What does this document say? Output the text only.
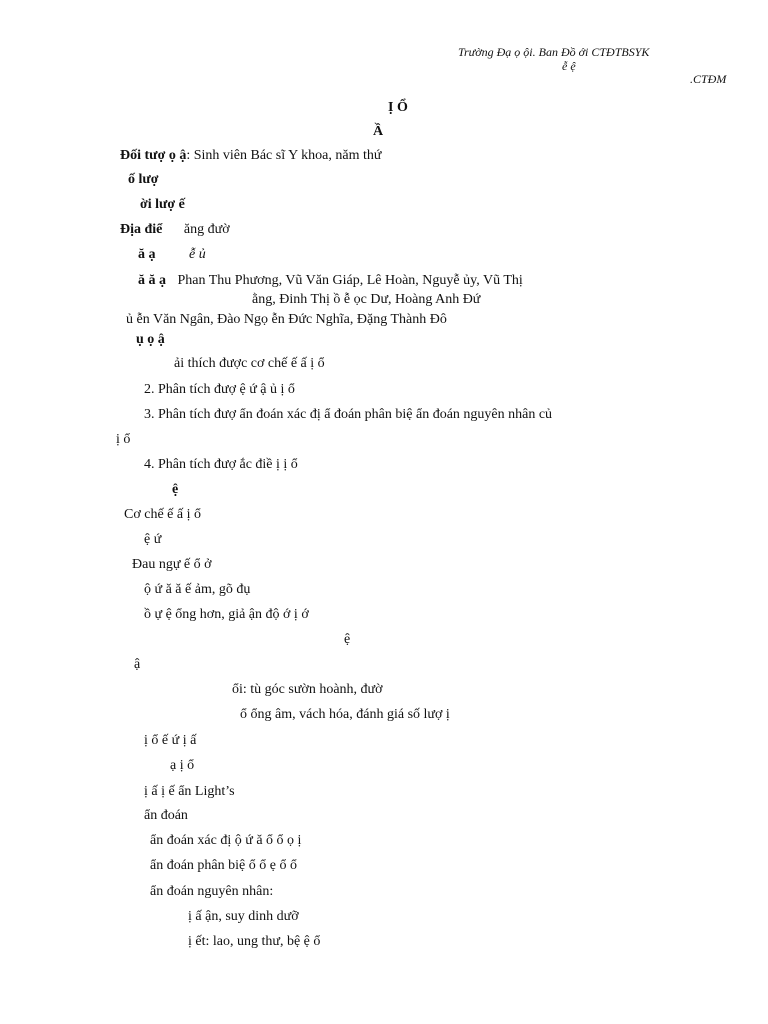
Trường Đạ ọ ội. Ban Đồ ới CTĐTBSYK
ễ ệ
.CTĐM
Ị Ổ
Ầ
Đối tượ ọ ậ: Sinh viên Bác sĩ Y khoa, năm thứ
ố lượ
ời lượ ế
Địa điể ăng đườ
ă ạ ễ ủ
ă ă ạ Phan Thu Phương, Vũ Văn Giáp, Lê Hoàn, Nguyễ ủy, Vũ Thị
ằng, Đinh Thị ồ ễ ọc Dư, Hoàng Anh Đứ
ủ ễn Văn Ngân, Đào Ngọ ễn Đức Nghĩa, Đặng Thành Đô
ụ ọ ậ
ải thích được cơ chế ế ấ ị ổ
2. Phân tích đượ ệ ứ ậ ủ ị ổ
3. Phân tích đượ ẩn đoán xác đị ẩ đoán phân biệ ẩn đoán nguyên nhân củ
ị ổ
4. Phân tích đượ ắc điề ị ị ổ
ệ
Cơ chế ế ấ ị ổ
ệ ứ
Đau ngự ế ổ ở
ộ ứ ă ă ế ảm, gõ đụ
ồ ự ệ ổng hơn, giả ận độ ớ ị ớ
ệ
ậ
ổi: tù góc sườn hoành, đườ
ổ ổng âm, vách hóa, đánh giá số lượ ị
ị ổ ế ứ ị ấ
ạ ị ổ
ị ấ ị ế ẩn Light’s
ẩn đoán
ẩn đoán xác đị ộ ứ ă ổ ổ ọ ị
ẩn đoán phân biệ ổ ổ ẹ ổ ổ
ẩn đoán nguyên nhân:
ị ấ ận, suy dinh dưỡ
ị ết: lao, ung thư, bệ ệ ổ
